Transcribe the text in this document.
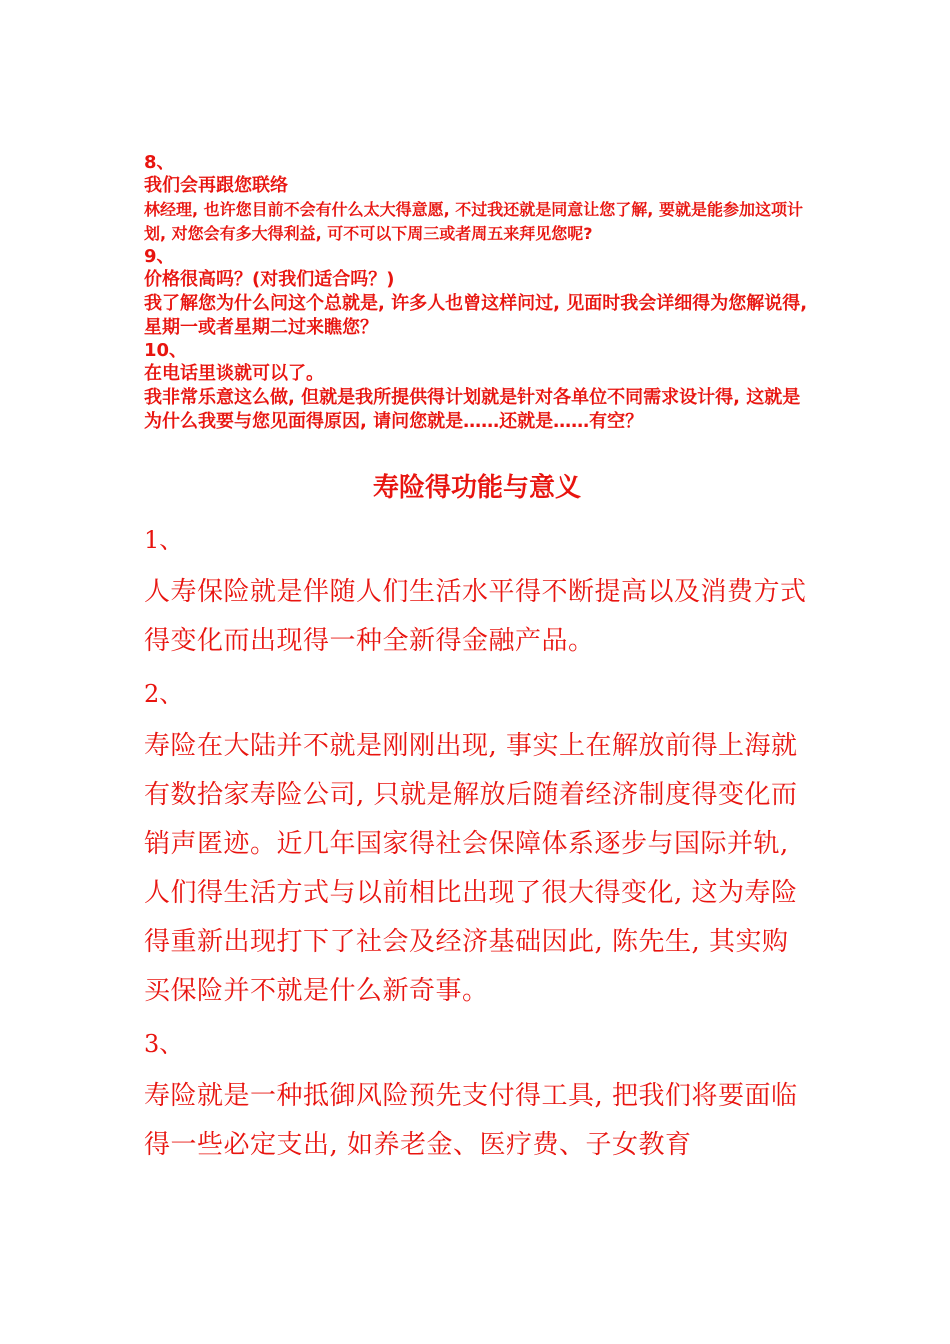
8、
我们会再跟您联络
林经理, 也许您目前不会有什么太大得意愿, 不过我还就是同意让您了解, 要就是能参加这项计划, 对您会有多大得利益, 可不可以下周三或者周五来拜见您呢?
9、
价格很高吗？(对我们适合吗？)
我了解您为什么问这个总就是, 许多人也曾这样问过, 见面时我会详细得为您解说得, 星期一或者星期二过来瞧您？
10、
在电话里谈就可以了。
我非常乐意这么做, 但就是我所提供得计划就是针对各单位不同需求设计得, 这就是为什么我要与您见面得原因, 请问您就是……还就是……有空？
寿险得功能与意义
1、
人寿保险就是伴随人们生活水平得不断提高以及消费方式得变化而出现得一种全新得金融产品。
2、
寿险在大陆并不就是刚刚出现, 事实上在解放前得上海就有数拾家寿险公司, 只就是解放后随着经济制度得变化而销声匿迹。近几年国家得社会保障体系逐步与国际并轨, 人们得生活方式与以前相比出现了很大得变化, 这为寿险得重新出现打下了社会及经济基础因此, 陈先生, 其实购买保险并不就是什么新奇事。
3、
寿险就是一种抵御风险预先支付得工具, 把我们将要面临得一些必定支出, 如养老金、医疗费、子女教育
